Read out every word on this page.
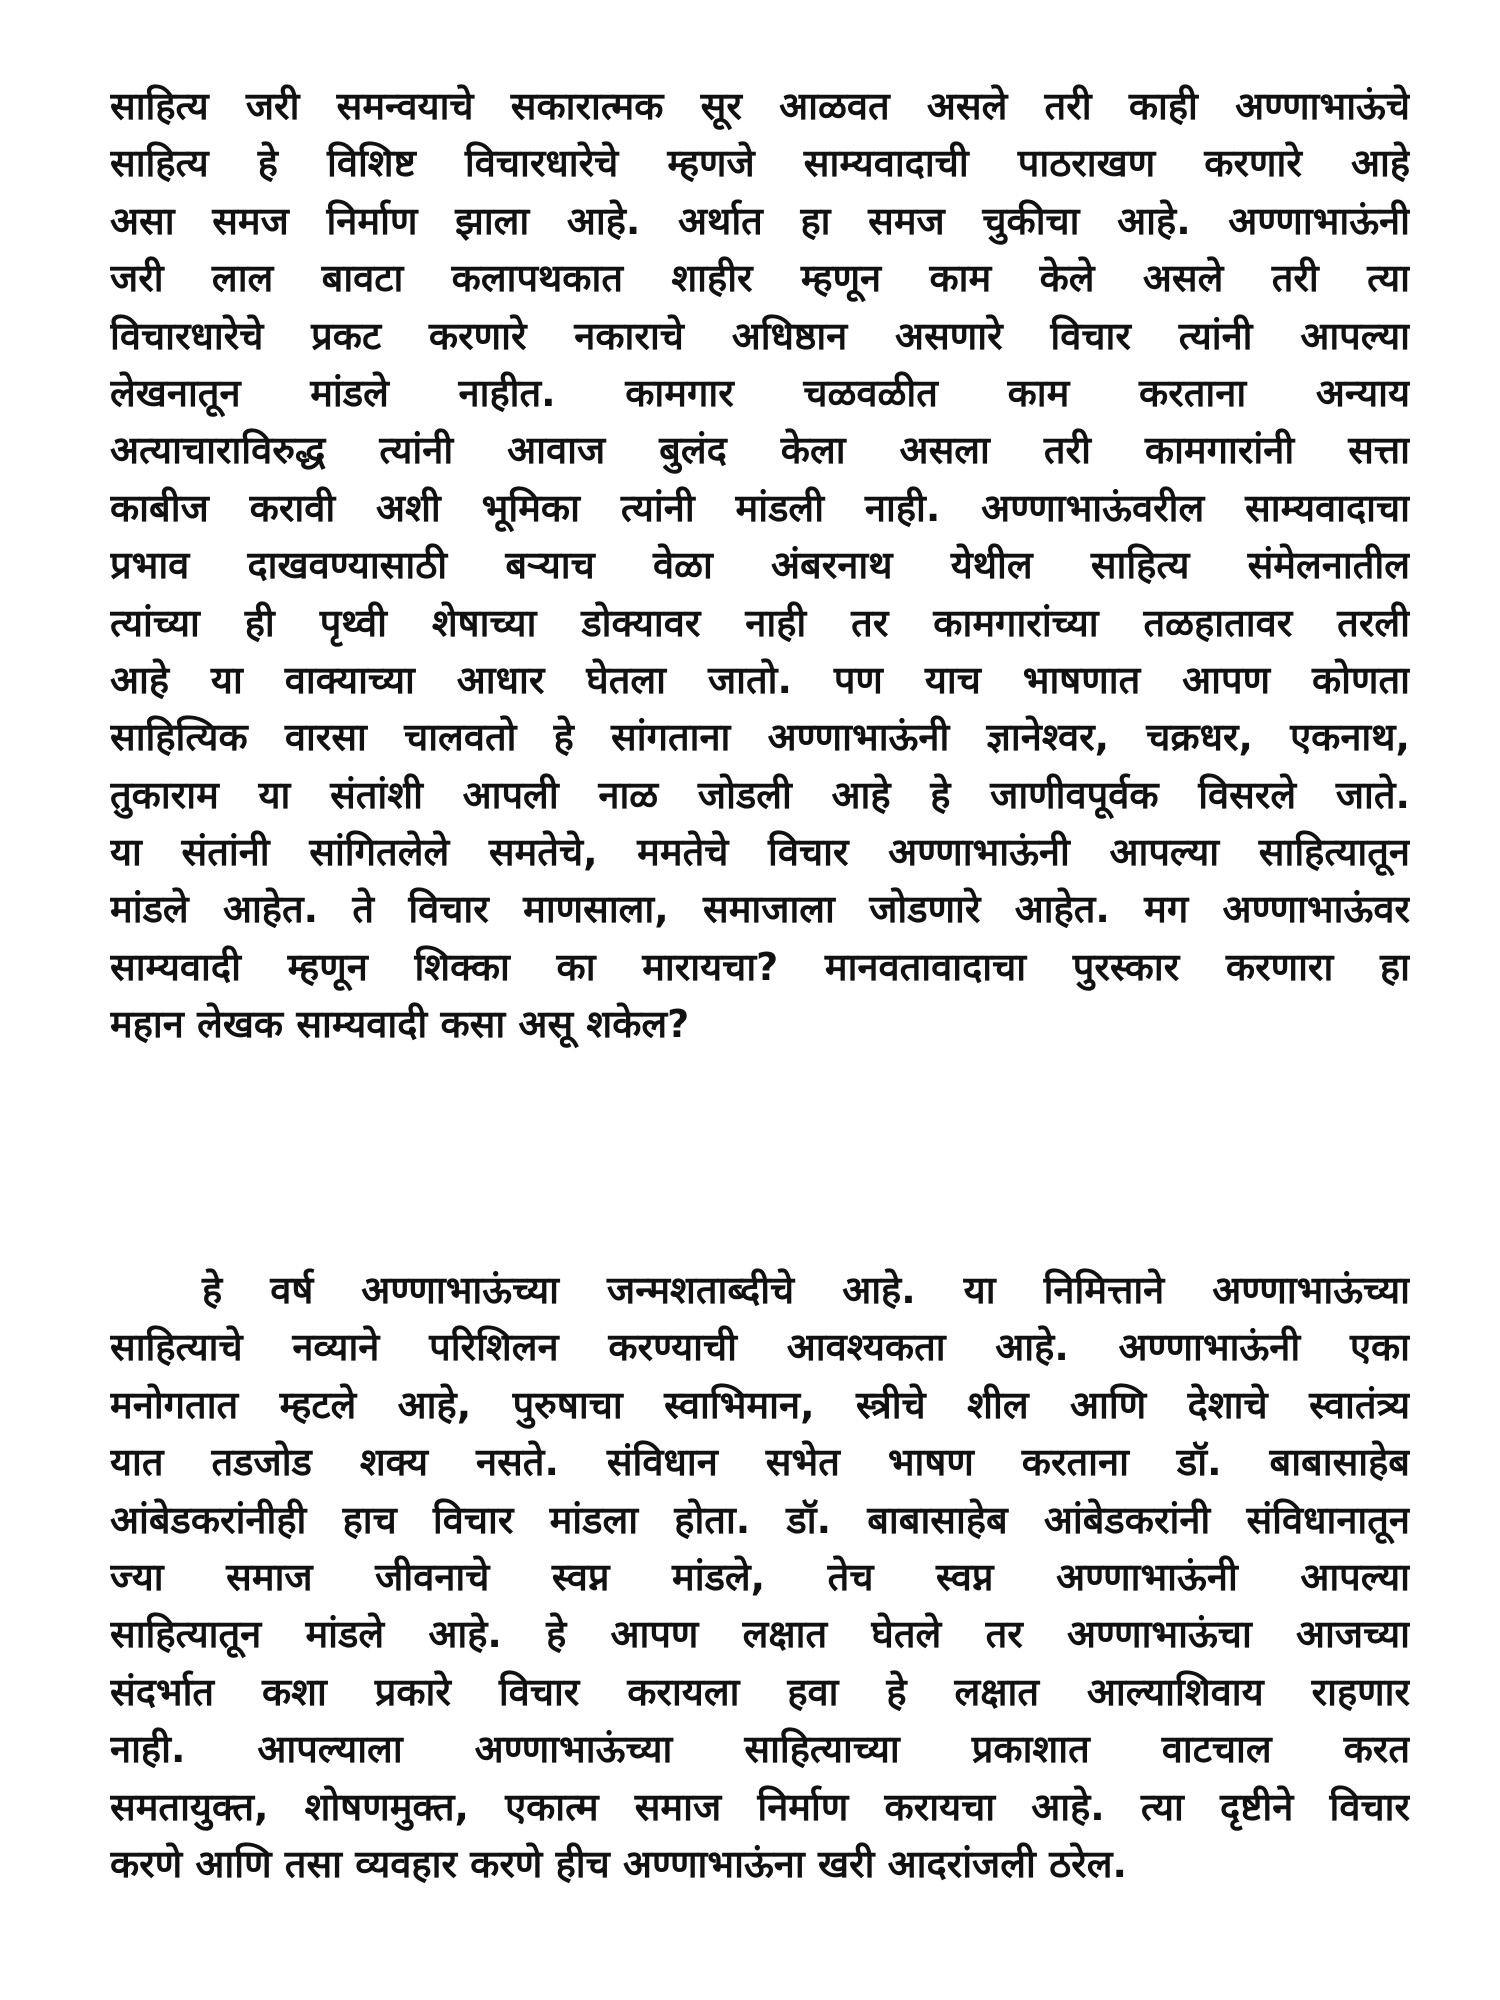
साहित्य जरी समन्वयाचे सकारात्मक सूर आळवत असले तरी काही अण्णाभाऊंचे
साहित्य हे विशिष्ट विचारधारेचे म्हणजे साम्यवादाची पाठराखण करणारे आहे
असा समज निर्माण झाला आहे. अर्थात हा समज चुकीचा आहे. अण्णाभाऊंनी
जरी लाल बावटा कलापथकात शाहीर म्हणून काम केले असले तरी त्या
विचारधारेचे प्रकट करणारे नकाराचे अधिष्ठान असणारे विचार त्यांनी आपल्या
लेखनातून मांडले नाहीत. कामगार चळवळीत काम करताना अन्याय
अत्याचाराविरुद्ध त्यांनी आवाज बुलंद केला असला तरी कामगारांनी सत्ता
काबीज करावी अशी भूमिका त्यांनी मांडली नाही. अण्णाभाऊंवरील साम्यवादाचा
प्रभाव दाखवण्यासाठी बऱ्याच वेळा अंबरनाथ येथील साहित्य संमेलनातील
त्यांच्या ही पृथ्वी शेषाच्या डोक्यावर नाही तर कामगारांच्या तळहातावर तरली
आहे या वाक्याच्या आधार घेतला जातो. पण याच भाषणात आपण कोणता
साहित्यिक वारसा चालवतो हे सांगताना अण्णाभाऊंनी ज्ञानेश्वर, चक्रधर, एकनाथ,
तुकाराम या संतांशी आपली नाळ जोडली आहे हे जाणीवपूर्वक विसरले जाते.
या संतांनी सांगितलेले समतेचे, ममतेचे विचार अण्णाभाऊंनी आपल्या साहित्यातून
मांडले आहेत. ते विचार माणसाला, समाजाला जोडणारे आहेत. मग अण्णाभाऊंवर
साम्यवादी म्हणून शिक्का का मारायचा? मानवतावादाचा पुरस्कार करणारा हा
महान लेखक साम्यवादी कसा असू शकेल?
हे वर्ष अण्णाभाऊंच्या जन्मशताब्दीचे आहे. या निमित्ताने अण्णाभाऊंच्या
साहित्याचे नव्याने परिशिलन करण्याची आवश्यकता आहे. अण्णाभाऊंनी एका
मनोगतात म्हटले आहे, पुरुषाचा स्वाभिमान, स्त्रीचे शील आणि देशाचे स्वातंत्र्य
यात तडजोड शक्य नसते. संविधान सभेत भाषण करताना डॉ. बाबासाहेब
आंबेडकरांनीही हाच विचार मांडला होता. डॉ. बाबासाहेब आंबेडकरांनी संविधानातून
ज्या समाज जीवनाचे स्वप्न मांडले, तेच स्वप्न अण्णाभाऊंनी आपल्या
साहित्यातून मांडले आहे. हे आपण लक्षात घेतले तर अण्णाभाऊंचा आजच्या
संदर्भात कशा प्रकारे विचार करायला हवा हे लक्षात आल्याशिवाय राहणार
नाही. आपल्याला अण्णाभाऊंच्या साहित्याच्या प्रकाशात वाटचाल करत
समतायुक्त, शोषणमुक्त, एकात्म समाज निर्माण करायचा आहे. त्या दृष्टीने विचार
करणे आणि तसा व्यवहार करणे हीच अण्णाभाऊंना खरी आदरांजली ठरेल.
